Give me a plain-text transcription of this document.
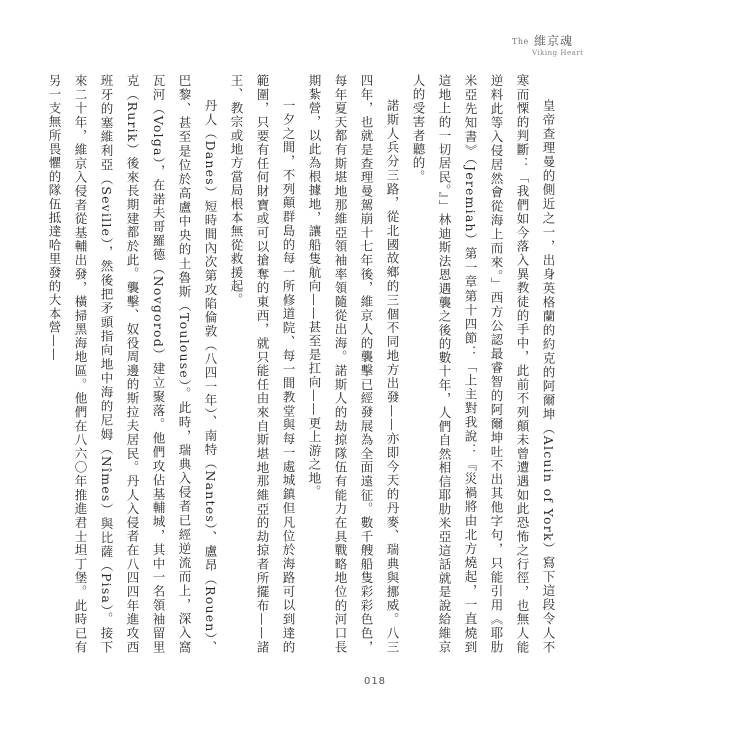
The 維京魂
Viking Heart

皇帝查理曼的側近之一，出身英格蘭的約克的阿爾坤（Alcuin of York）寫下這段令人不寒而慄的判斷：「我們如今落入異教徒的手中，此前不列顛未曾遭遇如此恐怖之行徑，也無人能逆料此等入侵居然會從海上而來。」西方公認最睿智的阿爾坤吐不出其他字句，只能引用《耶肋米亞先知書》（Jeremiah）第一章第十四節：「上主對我說：『災禍將由北方燒起，一直燒到這地上的一切居民。』」林迪斯法恩遇襲之後的數十年，人們自然相信耶肋米亞這話就是說給維京人的受害者聽的。

諾斯人兵分三路，從北國故鄉的三個不同地方出發——亦即今天的丹麥、瑞典與挪威。八三四年，也就是查理曼駕崩十七年後，維京人的襲擊已經發展為全面遠征。數千艘船隻彩彩色色，每年夏天都有斯堪地那維亞領袖率領隨從出海。諾斯人的劫掠隊伍有能力在具戰略地位的河口長期紮營，以此為根據地，讓船隻航向——甚至是扛向——更上游之地。

一夕之間，不列顛群島的每一所修道院、每一間教堂與每一處城鎮但凡位於海路可以到達的範圍，只要有任何財寶或可以搶奪的東西，就只能任由來自斯堪地那維亞的劫掠者所擺布——諸王、教宗或地方當局根本無從救援起。

丹人（Danes）短時間內次第攻陷倫敦（八四一年）、南特（Nantes）、盧昂（Rouen）、巴黎、甚至是位於高盧中央的土魯斯（Toulouse）。此時，瑞典入侵者已經逆流而上，深入窩瓦河（Volga），在諾夫哥羅德（Novgorod）建立聚落。他們攻佔基輔城，其中一名領袖留里克（Rurik）後來長期建都於此。襲擊、奴役周邊的斯拉夫居民。丹人入侵者在八四四年進攻西班牙的塞維利亞（Seville），然後把矛頭指向地中海的尼姆（Nîmes）與比薩（Pisa）。接下來二十年，維京入侵者從基輔出發，橫掃黑海地區。他們在八六〇年推進君士坦丁堡。此時已有另一支無所畏懼的隊伍抵達哈里發的大本營——

018
